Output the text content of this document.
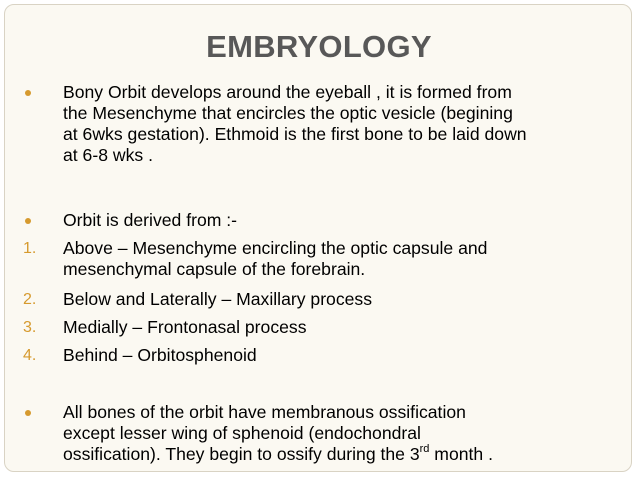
EMBRYOLOGY
Bony Orbit develops around the eyeball , it is formed from
the Mesenchyme that encircles the optic vesicle (begining
at 6wks gestation). Ethmoid is the first bone to be laid down
at 6-8 wks .
Orbit is derived from :-
1. Above – Mesenchyme encircling the optic capsule and
mesenchymal capsule of the forebrain.
2. Below and Laterally – Maxillary process
3. Medially – Frontonasal process
4. Behind – Orbitosphenoid
All bones of the orbit have membranous ossification
except lesser wing of sphenoid (endochondral
ossification). They begin to ossify during the 3rd month .
